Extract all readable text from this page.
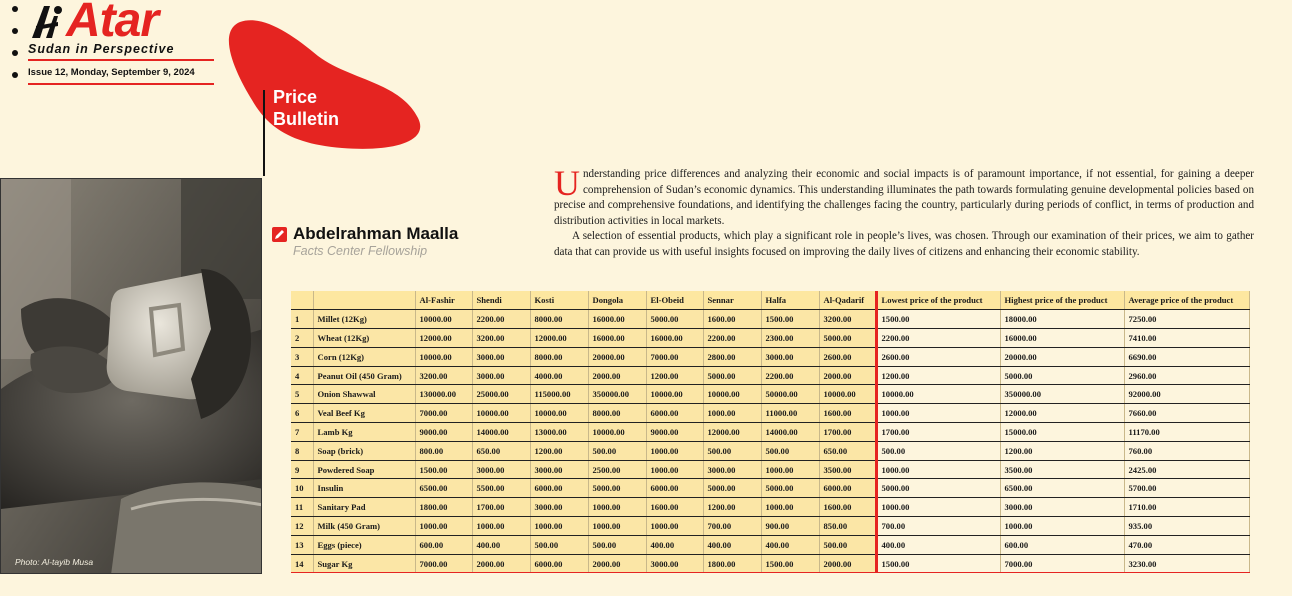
Atar
Sudan in Perspective
Issue 12, Monday, September 9, 2024
Price
Bulletin
Photo: Al-tayib Musa
Abdelrahman Maalla
Facts Center Fellowship

Understanding price differences and analyzing their economic and social impacts is of paramount importance, if not essential, for gaining a deeper comprehension of Sudan’s economic dynamics. This understanding illuminates the path towards formulating genuine developmental policies based on precise and comprehensive foundations, and identifying the challenges facing the country, particularly during periods of conflict, in terms of production and distribution activities in local markets.

A selection of essential products, which play a significant role in people’s lives, was chosen. Through our examination of their prices, we aim to gather data that can provide us with useful insights focused on improving the daily lives of citizens and enhancing their economic stability.

		Al-Fashir	Shendi	Kosti	Dongola	El-Obeid	Sennar	Halfa	Al-Qadarif	Lowest price of the product	Highest price of the product	Average price of the product
1	Millet (12Kg)	10000.00	2200.00	8000.00	16000.00	5000.00	1600.00	1500.00	3200.00	1500.00	18000.00	7250.00
2	Wheat (12Kg)	12000.00	3200.00	12000.00	16000.00	16000.00	2200.00	2300.00	5000.00	2200.00	16000.00	7410.00
3	Corn (12Kg)	10000.00	3000.00	8000.00	20000.00	7000.00	2800.00	3000.00	2600.00	2600.00	20000.00	6690.00
4	Peanut Oil (450 Gram)	3200.00	3000.00	4000.00	2000.00	1200.00	5000.00	2200.00	2000.00	1200.00	5000.00	2960.00
5	Onion Shawwal	130000.00	25000.00	115000.00	350000.00	10000.00	10000.00	50000.00	10000.00	10000.00	350000.00	92000.00
6	Veal Beef Kg	7000.00	10000.00	10000.00	8000.00	6000.00	1000.00	11000.00	1600.00	1000.00	12000.00	7660.00
7	Lamb Kg	9000.00	14000.00	13000.00	10000.00	9000.00	12000.00	14000.00	1700.00	1700.00	15000.00	11170.00
8	Soap (brick)	800.00	650.00	1200.00	500.00	1000.00	500.00	500.00	650.00	500.00	1200.00	760.00
9	Powdered Soap	1500.00	3000.00	3000.00	2500.00	1000.00	3000.00	1000.00	3500.00	1000.00	3500.00	2425.00
10	Insulin	6500.00	5500.00	6000.00	5000.00	6000.00	5000.00	5000.00	6000.00	5000.00	6500.00	5700.00
11	Sanitary Pad	1800.00	1700.00	3000.00	1000.00	1600.00	1200.00	1000.00	1600.00	1000.00	3000.00	1710.00
12	Milk (450 Gram)	1000.00	1000.00	1000.00	1000.00	1000.00	700.00	900.00	850.00	700.00	1000.00	935.00
13	Eggs (piece)	600.00	400.00	500.00	500.00	400.00	400.00	400.00	500.00	400.00	600.00	470.00
14	Sugar Kg	7000.00	2000.00	6000.00	2000.00	3000.00	1800.00	1500.00	2000.00	1500.00	7000.00	3230.00
